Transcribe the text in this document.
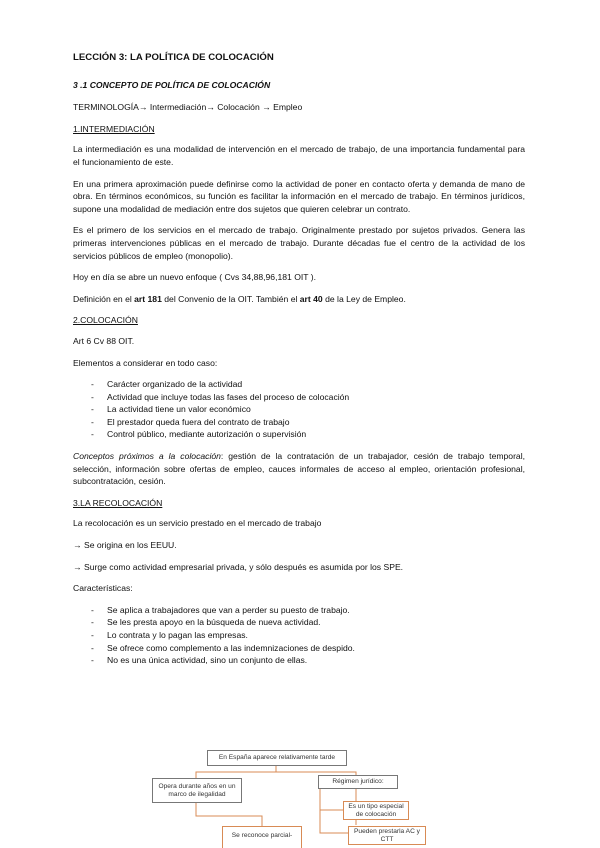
LECCIÓN 3: LA POLÍTICA DE COLOCACIÓN
3 .1 CONCEPTO DE POLÍTICA DE COLOCACIÓN

TERMINOLOGÍA→ Intermediación→ Colocación → Empleo

1.INTERMEDIACIÓN

La intermediación es una modalidad de intervención en el mercado de trabajo, de una importancia fundamental para el funcionamiento de este.

En una primera aproximación puede definirse como la actividad de poner en contacto oferta y demanda de mano de obra. En términos económicos, su función es facilitar la información en el mercado de trabajo. En términos jurídicos, supone una modalidad de mediación entre dos sujetos que quieren celebrar un contrato.

Es el primero de los servicios en el mercado de trabajo. Originalmente prestado por sujetos privados. Genera las primeras intervenciones públicas en el mercado de trabajo. Durante décadas fue el centro de la actividad de los servicios públicos de empleo (monopolio).

Hoy en día se abre un nuevo enfoque ( Cvs 34,88,96,181 OIT ).

Definición en el art 181 del Convenio de la OIT. También el art 40 de la Ley de Empleo.

2.COLOCACIÓN

Art 6 Cv 88 OIT.

Elementos a considerar en todo caso:

- Carácter organizado de la actividad
- Actividad que incluye todas las fases del proceso de colocación
- La actividad tiene un valor económico
- El prestador queda fuera del contrato de trabajo
- Control público, mediante autorización o supervisión

Conceptos próximos a la colocación: gestión de la contratación de un trabajador, cesión de trabajo temporal, selección, información sobre ofertas de empleo, cauces informales de acceso al empleo, orientación profesional, subcontratación, cesión.

3.LA RECOLOCACIÓN

La recolocación es un servicio prestado en el mercado de trabajo

→ Se origina en los EEUU.

→ Surge como actividad empresarial privada, y sólo después es asumida por los SPE.

Características:

- Se aplica a trabajadores que van a perder su puesto de trabajo.
- Se les presta apoyo en la búsqueda de nueva actividad.
- Lo contrata y lo pagan las empresas.
- Se ofrece como complemento a las indemnizaciones de despido.
- No es una única actividad, sino un conjunto de ellas.
En España aparece relativamente tarde
Opera durante años en un marco de ilegalidad
Régimen jurídico:
Es un tipo especial de colocación
Pueden prestarla AC y CTT
Se reconoce parcial-
